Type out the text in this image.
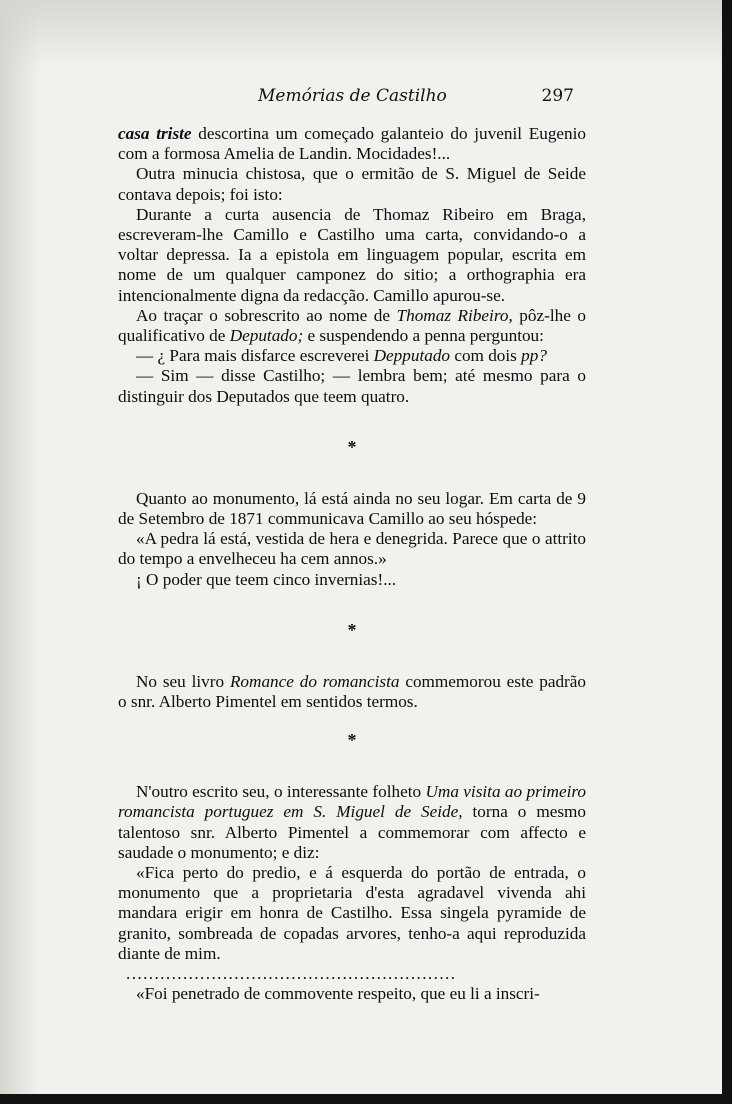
Memórias de Castilho	297

casa triste descortina um começado galanteio do juvenil Eugenio com a formosa Amelia de Landin. Mocidades!...

Outra minucia chistosa, que o ermitão de S. Miguel de Seide contava depois; foi isto:

Durante a curta ausencia de Thomaz Ribeiro em Braga, escreveram-lhe Camillo e Castilho uma carta, convidando-o a voltar depressa. Ia a epistola em linguagem popular, escrita em nome de um qualquer camponez do sitio; a orthographia era intencionalmente digna da redacção. Camillo apurou-se.

Ao traçar o sobrescrito ao nome de Thomaz Ribeiro, pôz-lhe o qualificativo de Deputado; e suspendendo a penna perguntou:

— ¿ Para mais disfarce escreverei Depputado com dois pp?

— Sim — disse Castilho; — lembra bem; até mesmo para o distinguir dos Deputados que teem quatro.

*

Quanto ao monumento, lá está ainda no seu logar. Em carta de 9 de Setembro de 1871 communicava Camillo ao seu hóspede:

«A pedra lá está, vestida de hera e denegrida. Parece que o attrito do tempo a envelheceu ha cem annos.»

¡ O poder que teem cinco invernias!...

*

No seu livro Romance do romancista commemorou este padrão o snr. Alberto Pimentel em sentidos termos.

*

N'outro escrito seu, o interessante folheto Uma visita ao primeiro romancista portuguez em S. Miguel de Seide, torna o mesmo talentoso snr. Alberto Pimentel a commemorar com affecto e saudade o monumento; e diz:

«Fica perto do predio, e á esquerda do portão de entrada, o monumento que a proprietaria d'esta agradavel vivenda ahi mandara erigir em honra de Castilho. Essa singela pyramide de granito, sombreada de copadas arvores, tenho-a aqui reproduzida diante de mim.

..........................................................

«Foi penetrado de commovente respeito, que eu li a inscri-
